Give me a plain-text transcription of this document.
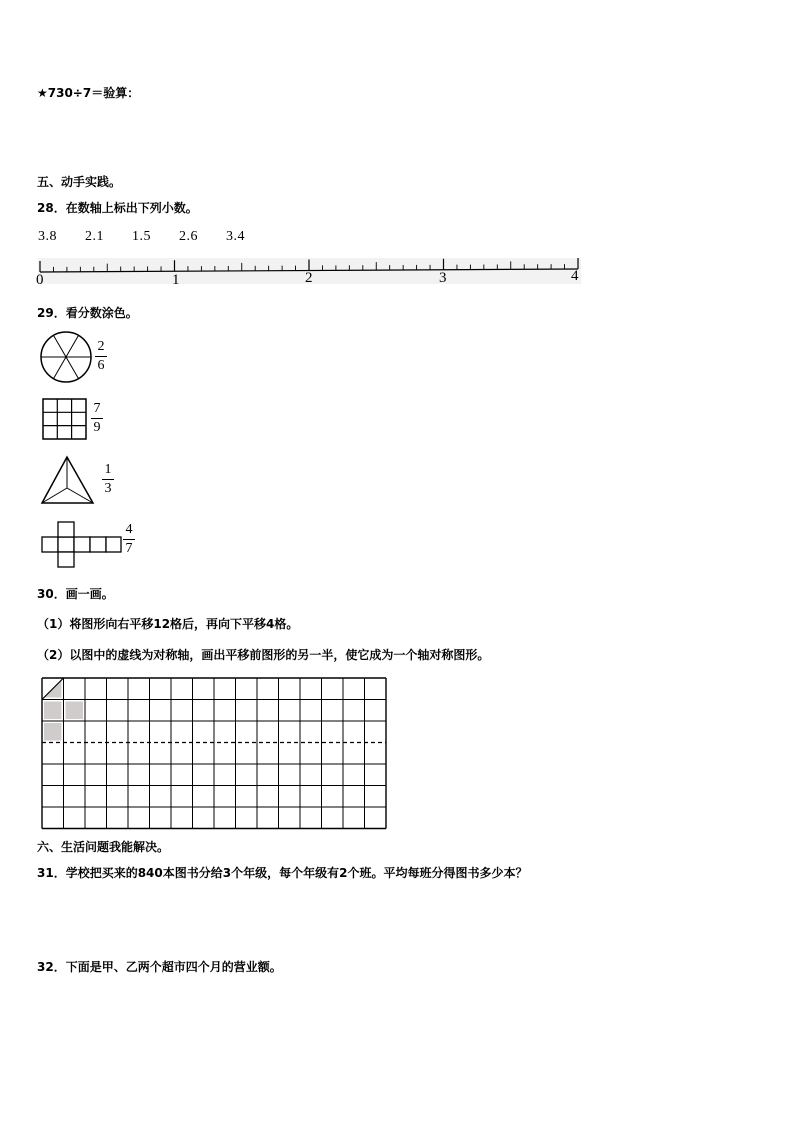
★730÷7＝验算：
五、动手实践。
28．在数轴上标出下列小数。
3.8 2.1 1.5 2.6 3.4
0	1	2	3	4
29．看分数涂色。
2
6
7
9
1
3
4
7
30．画一画。
（1）将图形向右平移12格后，再向下平移4格。
（2）以图中的虚线为对称轴，画出平移前图形的另一半，使它成为一个轴对称图形。
六、生活问题我能解决。
31．学校把买来的840本图书分给3个年级，每个年级有2个班。平均每班分得图书多少本？
32．下面是甲、乙两个超市四个月的营业额。
